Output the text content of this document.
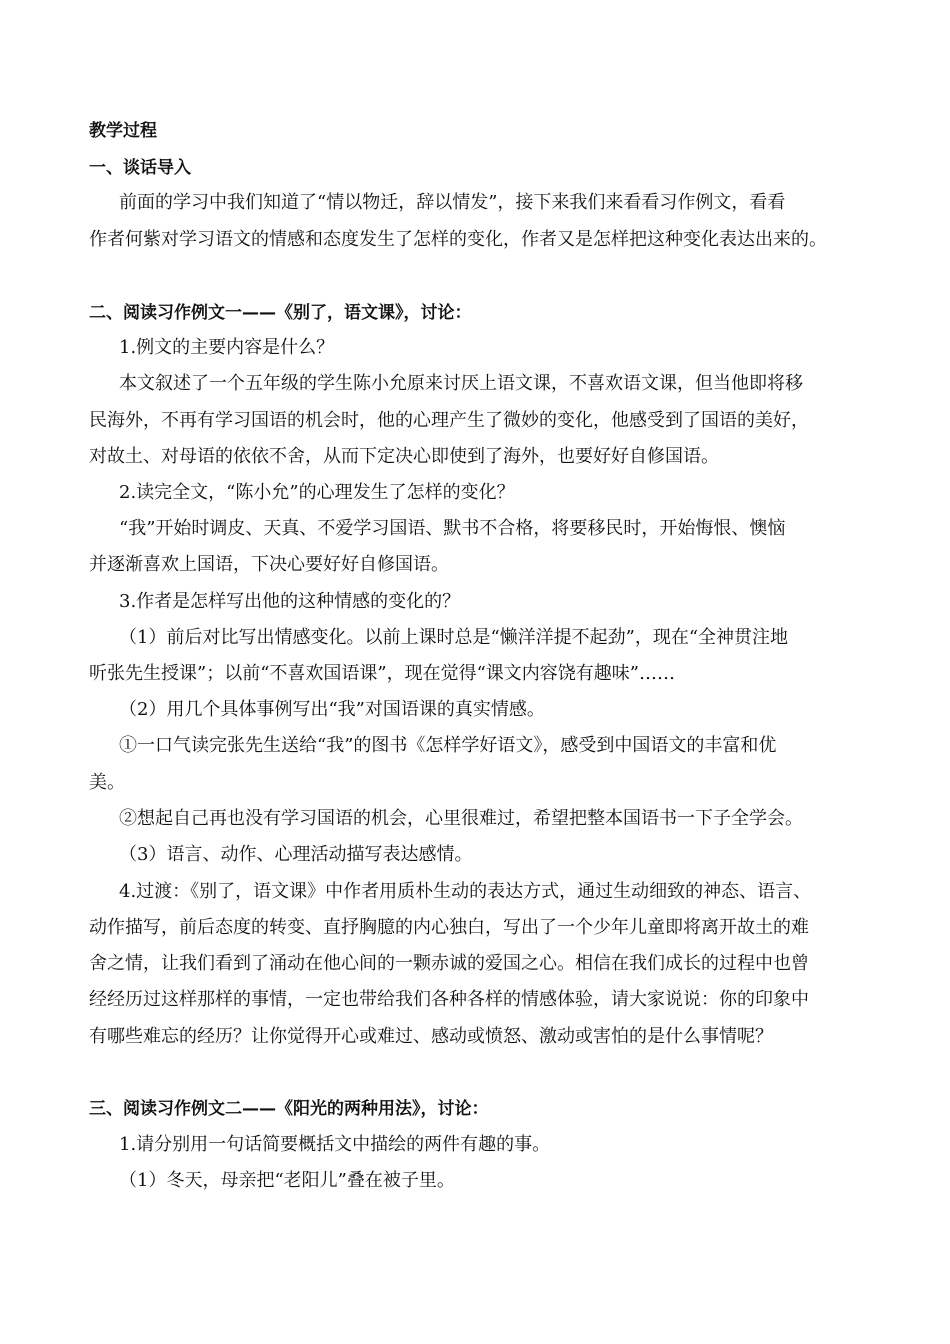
教学过程
一、谈话导入
前面的学习中我们知道了“情以物迁，辞以情发”，接下来我们来看看习作例文，看看
作者何紫对学习语文的情感和态度发生了怎样的变化，作者又是怎样把这种变化表达出来的。
二、阅读习作例文一——《别了，语文课》，讨论：
1.例文的主要内容是什么？
本文叙述了一个五年级的学生陈小允原来讨厌上语文课，不喜欢语文课，但当他即将移
民海外，不再有学习国语的机会时，他的心理产生了微妙的变化，他感受到了国语的美好，
对故土、对母语的依依不舍，从而下定决心即使到了海外，也要好好自修国语。
2.读完全文，“陈小允”的心理发生了怎样的变化？
“我”开始时调皮、天真、不爱学习国语、默书不合格，将要移民时，开始悔恨、懊恼
并逐渐喜欢上国语，下决心要好好自修国语。
3.作者是怎样写出他的这种情感的变化的？
（1）前后对比写出情感变化。以前上课时总是“懒洋洋提不起劲”，现在“全神贯注地
听张先生授课”；以前“不喜欢国语课”，现在觉得“课文内容饶有趣味”……
（2）用几个具体事例写出“我”对国语课的真实情感。
①一口气读完张先生送给“我”的图书《怎样学好语文》，感受到中国语文的丰富和优
美。
②想起自己再也没有学习国语的机会，心里很难过，希望把整本国语书一下子全学会。
（3）语言、动作、心理活动描写表达感情。
4.过渡：《别了，语文课》中作者用质朴生动的表达方式，通过生动细致的神态、语言、
动作描写，前后态度的转变、直抒胸臆的内心独白，写出了一个少年儿童即将离开故土的难
舍之情，让我们看到了涌动在他心间的一颗赤诚的爱国之心。相信在我们成长的过程中也曾
经经历过这样那样的事情，一定也带给我们各种各样的情感体验，请大家说说：你的印象中
有哪些难忘的经历？让你觉得开心或难过、感动或愤怒、激动或害怕的是什么事情呢？
三、阅读习作例文二——《阳光的两种用法》，讨论：
1.请分别用一句话简要概括文中描绘的两件有趣的事。
（1）冬天，母亲把“老阳儿”叠在被子里。
